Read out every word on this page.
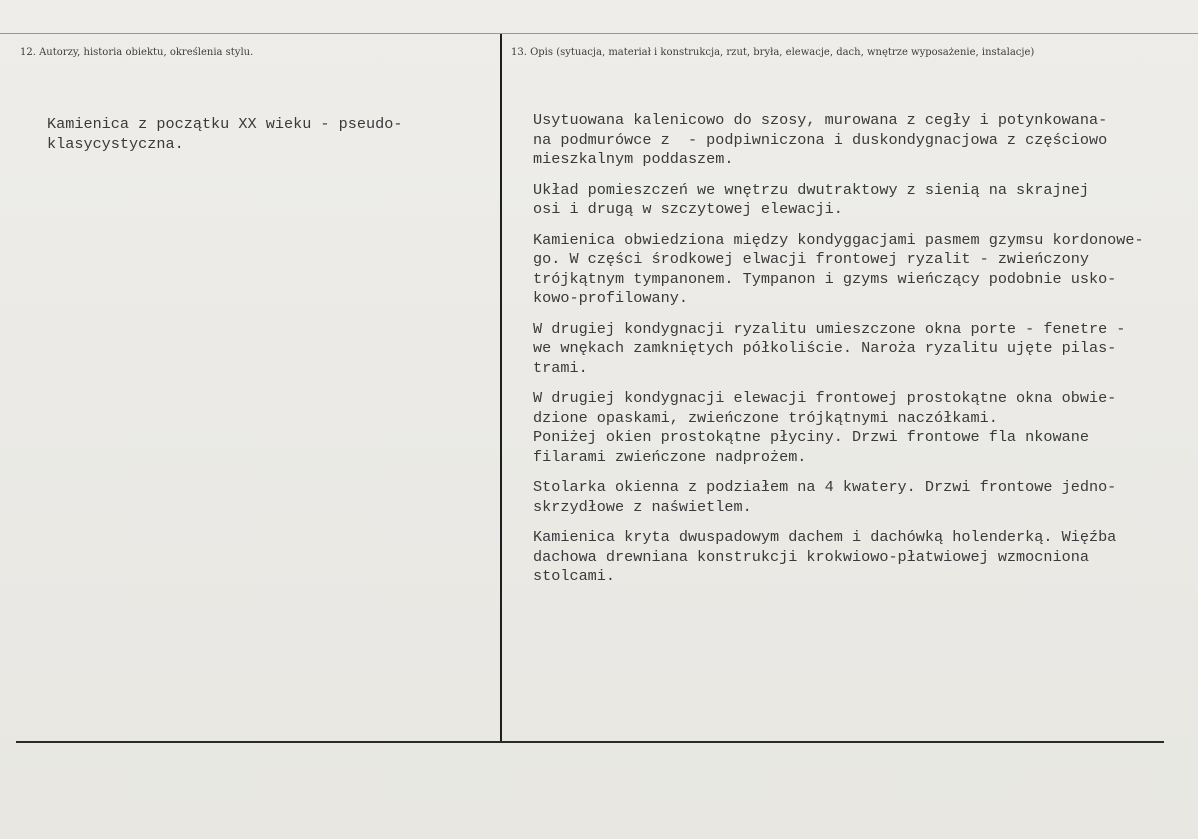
12. Autorzy, historia obiektu, określenia stylu.	13. Opis (sytuacja, materiał i konstrukcja, rzut, bryła, elewacje, dach, wnętrze wyposażenie, instalacje)

Kamienica z początku XX wieku - pseudo-
klasycystyczna.

Usytuowana kalenicowo do szosy, murowana z cegły i potynkowana-
na podmurówce z  - podpiwniczona i duskondygnacjowa z częściowo
mieszkalnym poddaszem.

Układ pomieszczeń we wnętrzu dwutraktowy z sienią na skrajnej
osi i drugą w szczytowej elewacji.

Kamienica obwiedziona między kondyggacjami pasmem gzymsu kordonowe-
go. W części środkowej elwacji frontowej ryzalit - zwieńczony
trójkątnym tympanonem. Tympanon i gzyms wieńczący podobnie usko-
kowo-profilowany.

W drugiej kondygnacji ryzalitu umieszczone okna porte - fenetre -
we wnękach zamkniętych półkoliście. Naroża ryzalitu ujęte pilas-
trami.

W drugiej kondygnacji elewacji frontowej prostokątne okna obwie-
dzione opaskami, zwieńczone trójkątnymi naczółkami.
Poniżej okien prostokątne płyciny. Drzwi frontowe fla nkowane
filarami zwieńczone nadprożem.

Stolarka okienna z podziałem na 4 kwatery. Drzwi frontowe jedno-
skrzydłowe z naświetlem.

Kamienica kryta dwuspadowym dachem i dachówką holenderką. Więźba
dachowa drewniana konstrukcji krokwiowo-płatwiowej wzmocniona
stolcami.
